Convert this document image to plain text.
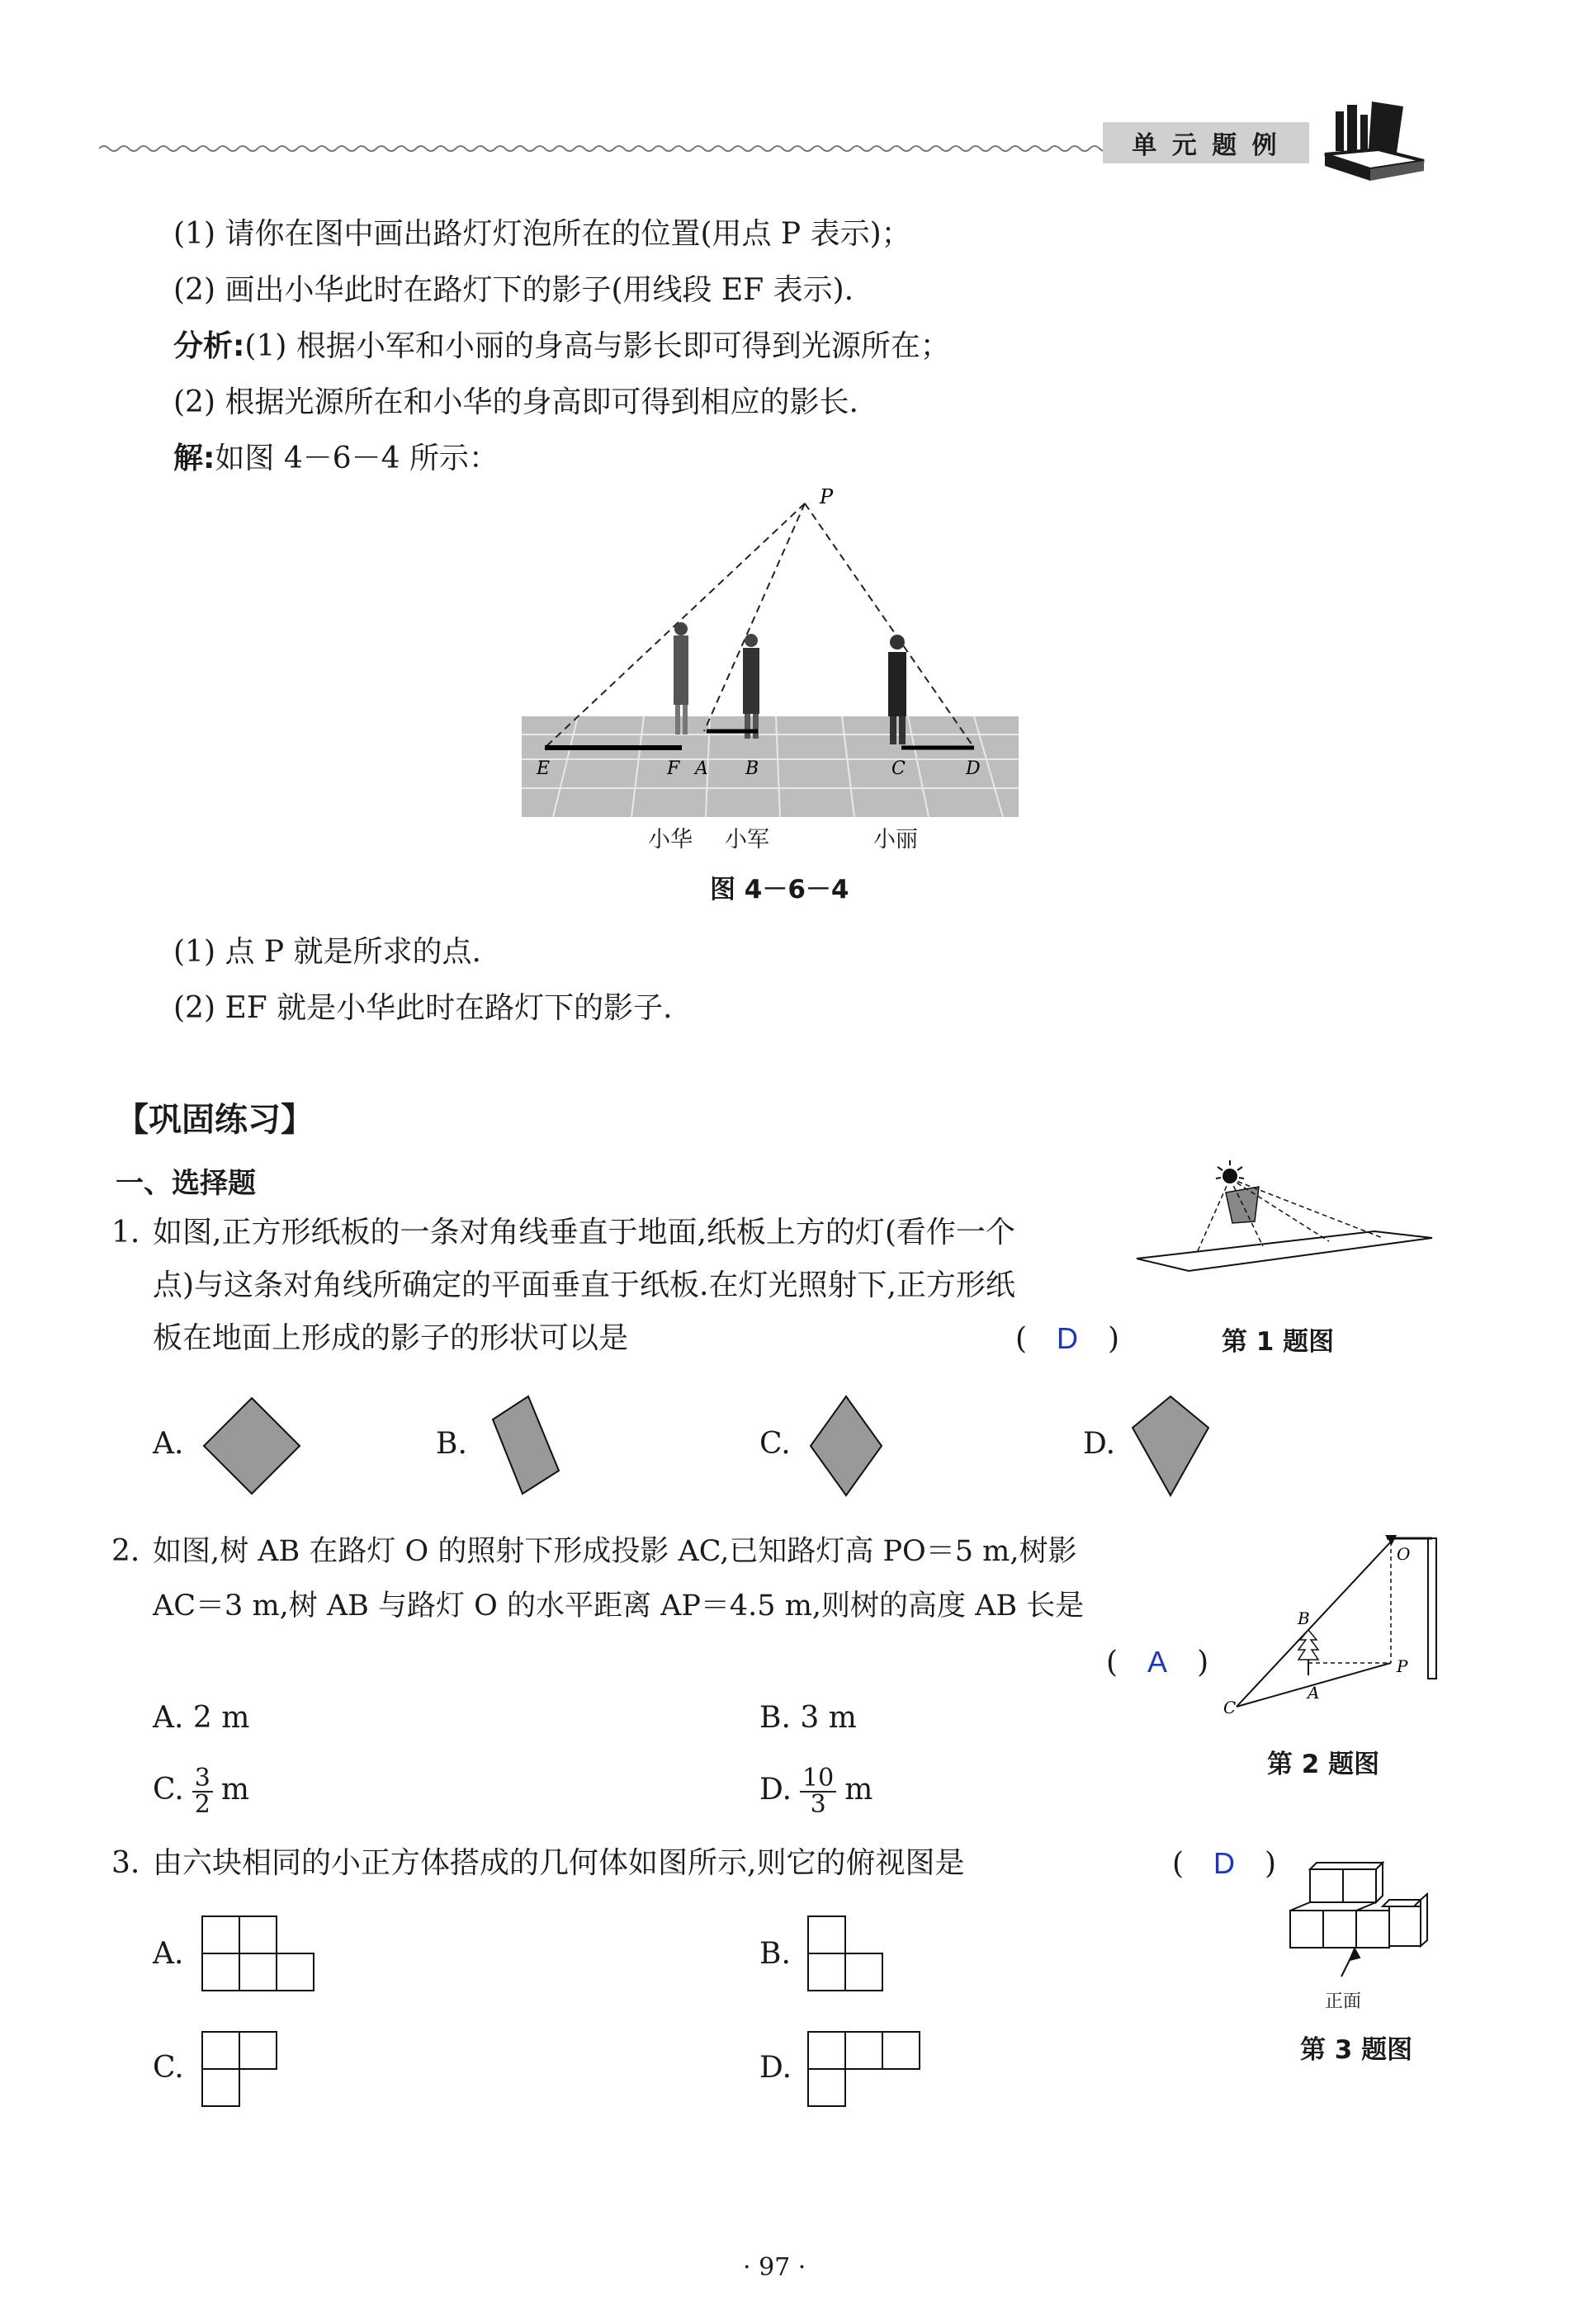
单 元 题 例
(1) 请你在图中画出路灯灯泡所在的位置(用点 P 表示)；
(2) 画出小华此时在路灯下的影子(用线段 EF 表示).
分析:(1) 根据小军和小丽的身高与影长即可得到光源所在；
(2) 根据光源所在和小华的身高即可得到相应的影长.
解:如图 4－6－4 所示：
P
E	F A B	C	D
小华 小军	小丽
图 4－6－4
(1) 点 P 就是所求的点.
(2) EF 就是小华此时在路灯下的影子.
【巩固练习】
一、选择题
1. 如图,正方形纸板的一条对角线垂直于地面,纸板上方的灯(看作一个
点)与这条对角线所确定的平面垂直于纸板.在灯光照射下,正方形纸
板在地面上形成的影子的形状可以是	(　D　)	第 1 题图
A.	B.	C.	D.
2. 如图,树 AB 在路灯 O 的照射下形成投影 AC,已知路灯高 PO＝5 m,树影
AC＝3 m,树 AB 与路灯 O 的水平距离 AP＝4.5 m,则树的高度 AB 长是
(　A　)
A. 2 m	B. 3 m
C. $\frac{3}{2}$ m	D. $\frac{10}{3}$ m
O
B
P
A
C
第 2 题图
3. 由六块相同的小正方体搭成的几何体如图所示,则它的俯视图是	(　D　)
A.	B.
C.	D.
正面
第 3 题图
· 97 ·
